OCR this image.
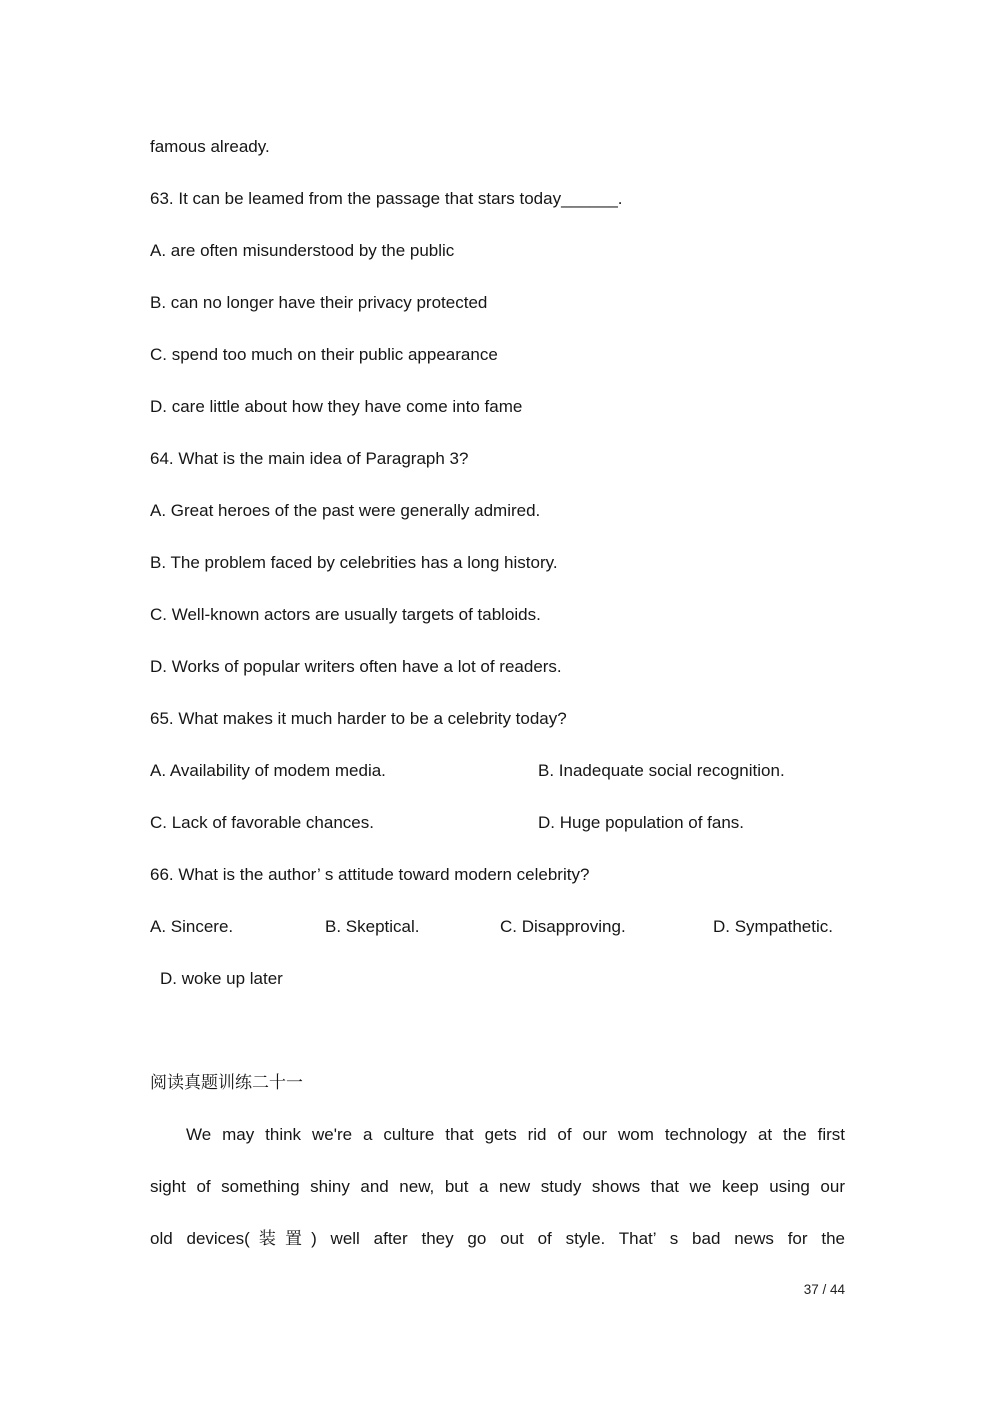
famous already.
63. It can be leamed from the passage that stars today______.
A. are often misunderstood by the public
B. can no longer have their privacy protected
C. spend too much on their public appearance
D. care little about how they have come into fame
64. What is the main idea of Paragraph 3?
A. Great heroes of the past were generally admired.
B. The problem faced by celebrities has a long history.
C. Well-known actors are usually targets of tabloids.
D. Works of popular writers often have a lot of readers.
65. What makes it much harder to be a celebrity today?
A. Availability of modem media.	B. Inadequate social recognition.
C. Lack of favorable chances.	D. Huge population of fans.
66. What is the author’ s attitude toward modern celebrity?
A. Sincere.	B. Skeptical.	C. Disapproving.	D. Sympathetic.
D. woke up later
阅读真题训练二十一
We may think we're a culture that gets rid of our wom technology at the first
sight of something shiny and new, but a new study shows that we keep using our
old devices(装置) well after they go out of style. That’ s bad news for the
37 / 44
